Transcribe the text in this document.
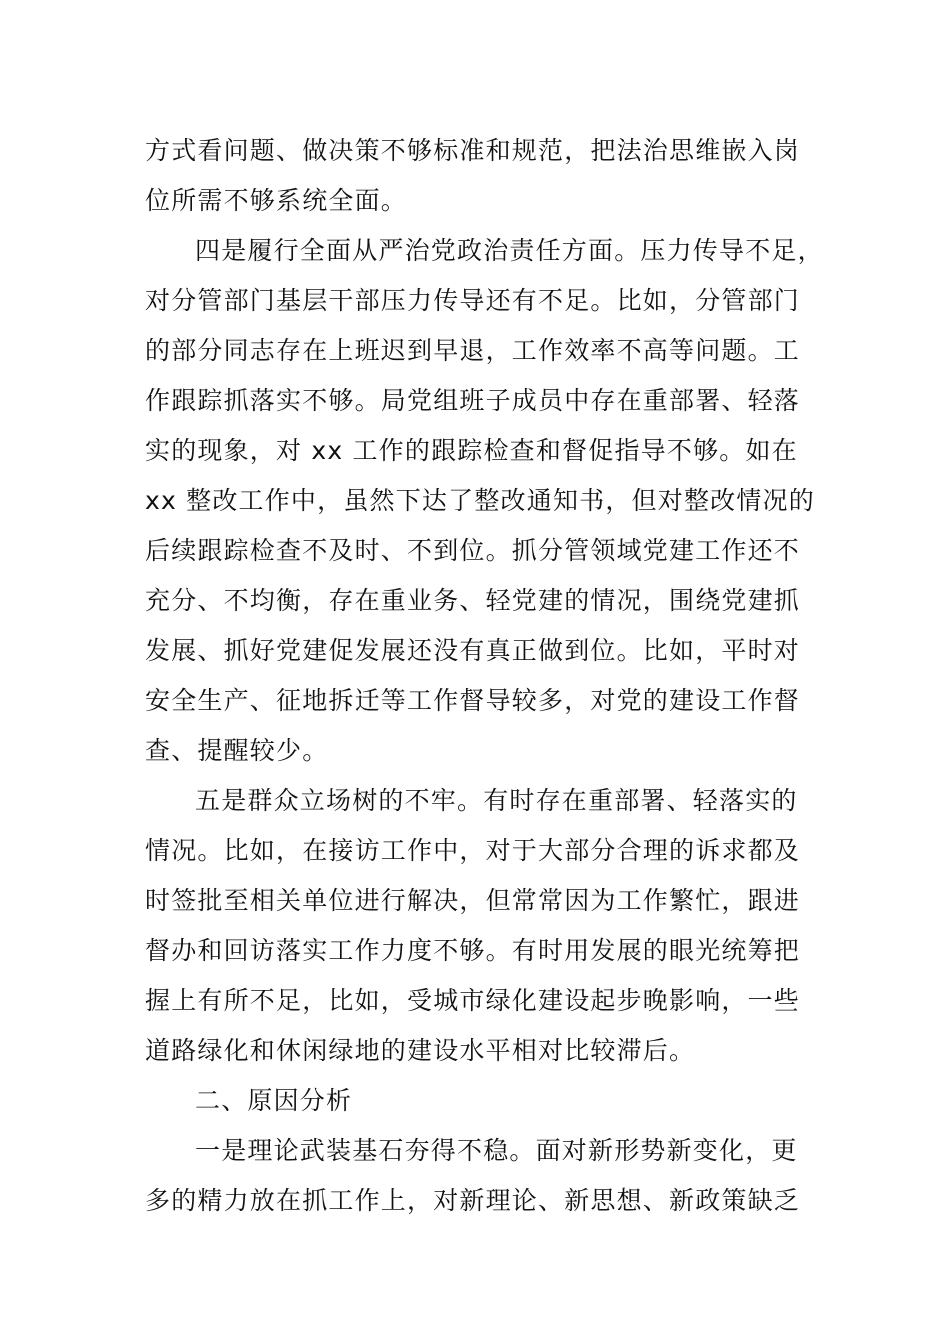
方式看问题、做决策不够标准和规范，把法治思维嵌入岗
位所需不够系统全面。
四是履行全面从严治党政治责任方面。压力传导不足，
对分管部门基层干部压力传导还有不足。比如，分管部门
的部分同志存在上班迟到早退，工作效率不高等问题。工
作跟踪抓落实不够。局党组班子成员中存在重部署、轻落
实的现象，对 xx 工作的跟踪检查和督促指导不够。如在
xx 整改工作中，虽然下达了整改通知书，但对整改情况的
后续跟踪检查不及时、不到位。抓分管领域党建工作还不
充分、不均衡，存在重业务、轻党建的情况，围绕党建抓
发展、抓好党建促发展还没有真正做到位。比如，平时对
安全生产、征地拆迁等工作督导较多，对党的建设工作督
查、提醒较少。
五是群众立场树的不牢。有时存在重部署、轻落实的
情况。比如，在接访工作中，对于大部分合理的诉求都及
时签批至相关单位进行解决，但常常因为工作繁忙，跟进
督办和回访落实工作力度不够。有时用发展的眼光统筹把
握上有所不足，比如，受城市绿化建设起步晚影响，一些
道路绿化和休闲绿地的建设水平相对比较滞后。
二、原因分析
一是理论武装基石夯得不稳。面对新形势新变化，更
多的精力放在抓工作上，对新理论、新思想、新政策缺乏
